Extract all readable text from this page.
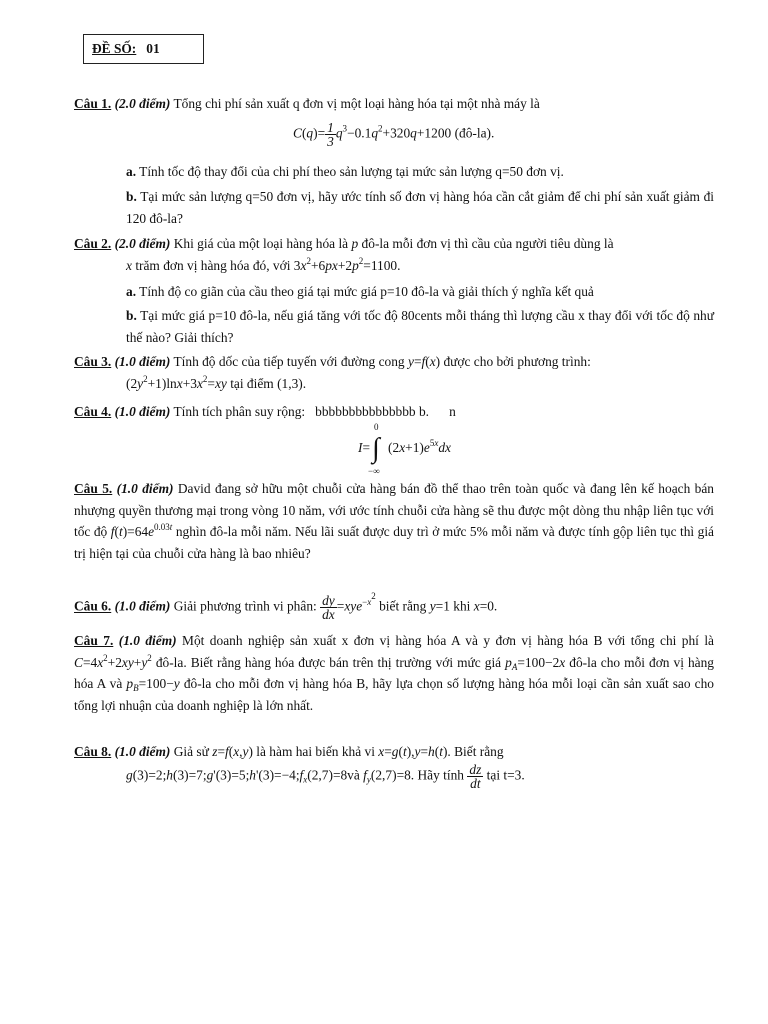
ĐỀ SỐ: 01
Câu 1. (2.0 điểm) Tổng chi phí sản xuất q đơn vị một loại hàng hóa tại một nhà máy là
$C(q)= \frac{1}{3} q^3-0.1q^2+320q+1200$ (đô-la).
a. Tính tốc độ thay đổi của chi phí theo sản lượng tại mức sản lượng q=50 đơn vị.
b. Tại mức sản lượng q=50 đơn vị, hãy ước tính số đơn vị hàng hóa cần cắt giảm để chi phí sản xuất giảm đi 120 đô-la?
Câu 2. (2.0 điểm) Khi giá của một loại hàng hóa là p đô-la mỗi đơn vị thì cầu của người tiêu dùng là
x trăm đơn vị hàng hóa đó, với $3x^2+6px+2p^2=1100$.
a. Tính độ co giãn của cầu theo giá tại mức giá p=10 đô-la và giải thích ý nghĩa kết quả
b. Tại mức giá p=10 đô-la, nếu giá tăng với tốc độ 80cents mỗi tháng thì lượng cầu x thay đổi với tốc độ như thế nào? Giải thích?
Câu 3. (1.0 điểm) Tính độ dốc của tiếp tuyến với đường cong y=f(x) được cho bởi phương trình:
$(2y^2+1)\ln x+3x^2=xy$ tại điểm (1,3).
Câu 4. (1.0 điểm) Tính tích phân suy rộng:   bbbbbbbbbbbbbbb b.      n
I=
0
∫
−∞
$(2x+1)e^{5x}dx$
Câu 5. (1.0 điểm) David đang sở hữu một chuỗi cửa hàng bán đồ thể thao trên toàn quốc và đang lên kế hoạch bán nhượng quyền thương mại trong vòng 10 năm, với ước tính chuỗi cửa hàng sẽ thu được một dòng thu nhập liên tục với tốc độ $f(t)=64e^{0.03t}$ nghìn đô-la mỗi năm. Nếu lãi suất được duy trì ở mức 5% mỗi năm và được tính gộp liên tục thì giá trị hiện tại của chuỗi cửa hàng là bao nhiêu?
Câu 6. (1.0 điểm) Giải phương trình vi phân: $\frac{dy}{dx} =xye^{-x^2}$ biết rằng y=1 khi x=0.
Câu 7. (1.0 điểm) Một doanh nghiệp sản xuất x đơn vị hàng hóa A và y đơn vị hàng hóa B với tổng chi phí là $C=4x^2+2xy+y^2$ đô-la. Biết rằng hàng hóa được bán trên thị trường với mức giá $p_A=100-2x$ đô-la cho mỗi đơn vị hàng hóa A và $p_B=100-y$ đô-la cho mỗi đơn vị hàng hóa B, hãy lựa chọn số lượng hàng hóa mỗi loại cần sản xuất sao cho tổng lợi nhuận của doanh nghiệp là lớn nhất.
Câu 8. (1.0 điểm) Giả sử z=f(x,y) là hàm hai biến khả vi x=g(t),y=h(t). Biết rằng
$g(3)=2;h(3)=7;g'(3)=5;h'(3)=-4;f_x(2,7)=8và$ $f_y(2,7)=8$. Hãy tính $\frac{dz}{dt}$ tại t=3.
